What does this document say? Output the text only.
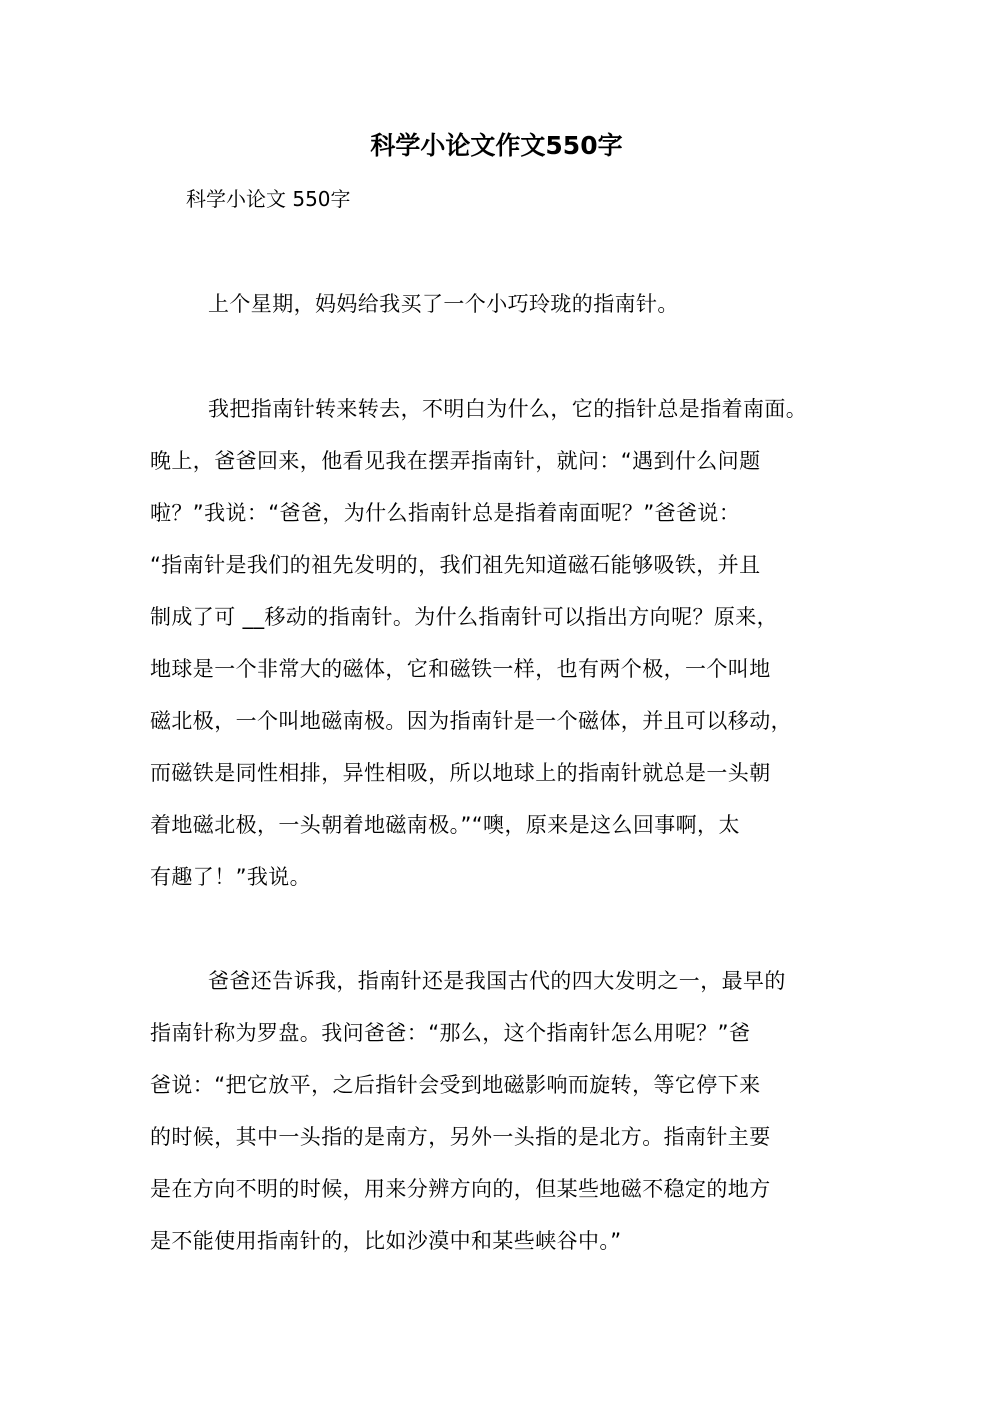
科学小论文作文550字
科学小论文 550字
上个星期，妈妈给我买了一个小巧玲珑的指南针。
我把指南针转来转去，不明白为什么，它的指针总是指着南面。
晚上，爸爸回来，他看见我在摆弄指南针，就问：“遇到什么问题
啦？”我说：“爸爸，为什么指南针总是指着南面呢？”爸爸说：
“指南针是我们的祖先发明的，我们祖先知道磁石能够吸铁，并且
制成了可 __移动的指南针。为什么指南针可以指出方向呢？原来，
地球是一个非常大的磁体，它和磁铁一样，也有两个极，一个叫地
磁北极，一个叫地磁南极。因为指南针是一个磁体，并且可以移动，
而磁铁是同性相排，异性相吸，所以地球上的指南针就总是一头朝
着地磁北极，一头朝着地磁南极。”“噢，原来是这么回事啊，太
有趣了！”我说。
爸爸还告诉我，指南针还是我国古代的四大发明之一，最早的
指南针称为罗盘。我问爸爸：“那么，这个指南针怎么用呢？”爸
爸说：“把它放平，之后指针会受到地磁影响而旋转，等它停下来
的时候，其中一头指的是南方，另外一头指的是北方。指南针主要
是在方向不明的时候，用来分辨方向的，但某些地磁不稳定的地方
是不能使用指南针的，比如沙漠中和某些峡谷中。”
